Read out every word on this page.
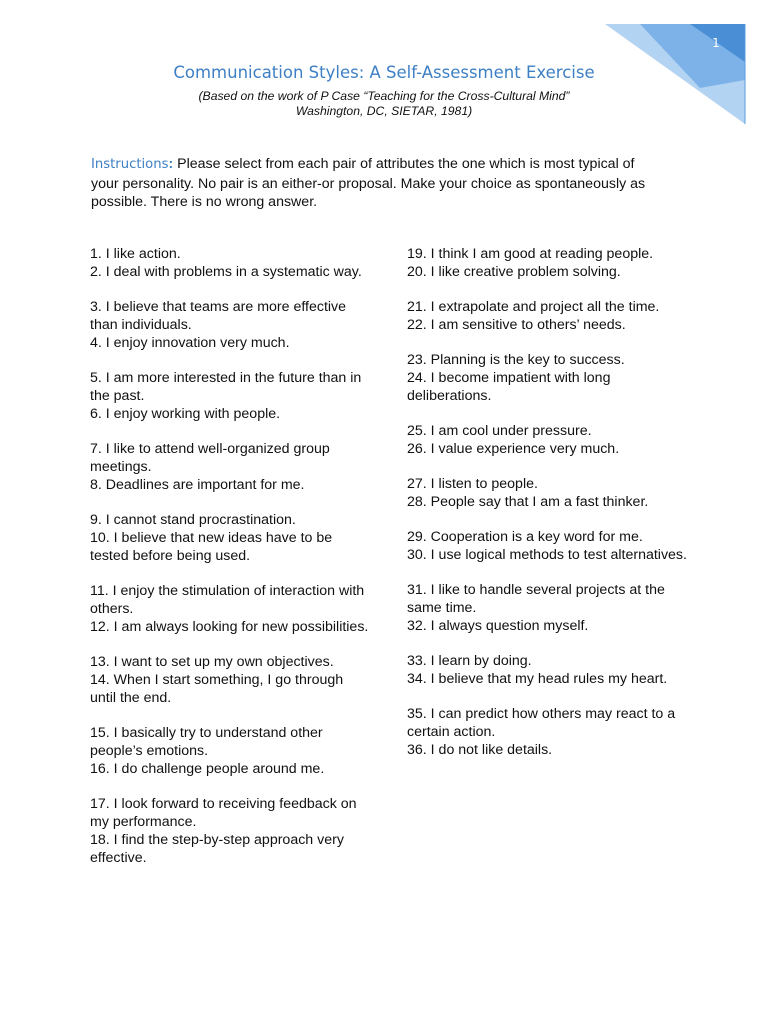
1
Communication Styles: A Self-Assessment Exercise
(Based on the work of P Case “Teaching for the Cross-Cultural Mind”
Washington, DC, SIETAR, 1981)
Instructions: Please select from each pair of attributes the one which is most typical of your personality. No pair is an either-or proposal. Make your choice as spontaneously as possible. There is no wrong answer.
1. I like action.
2. I deal with problems in a systematic way.
3. I believe that teams are more effective than individuals.
4. I enjoy innovation very much.
5. I am more interested in the future than in the past.
6. I enjoy working with people.
7. I like to attend well-organized group meetings.
8. Deadlines are important for me.
9. I cannot stand procrastination.
10. I believe that new ideas have to be tested before being used.
11. I enjoy the stimulation of interaction with others.
12. I am always looking for new possibilities.
13. I want to set up my own objectives.
14. When I start something, I go through until the end.
15. I basically try to understand other people’s emotions.
16. I do challenge people around me.
17. I look forward to receiving feedback on my performance.
18. I find the step-by-step approach very effective.
19. I think I am good at reading people.
20. I like creative problem solving.
21. I extrapolate and project all the time.
22. I am sensitive to others’ needs.
23. Planning is the key to success.
24. I become impatient with long deliberations.
25. I am cool under pressure.
26. I value experience very much.
27. I listen to people.
28. People say that I am a fast thinker.
29. Cooperation is a key word for me.
30. I use logical methods to test alternatives.
31. I like to handle several projects at the same time.
32. I always question myself.
33. I learn by doing.
34. I believe that my head rules my heart.
35. I can predict how others may react to a certain action.
36. I do not like details.
